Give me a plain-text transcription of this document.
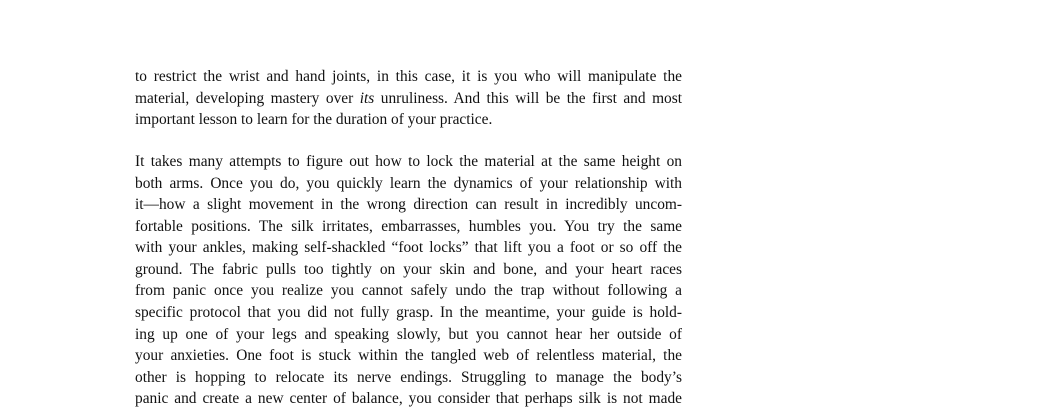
to restrict the wrist and hand joints, in this case, it is you who will manipulate the
material, developing mastery over its unruliness. And this will be the first and most
important lesson to learn for the duration of your practice.
It takes many attempts to figure out how to lock the material at the same height on
both arms. Once you do, you quickly learn the dynamics of your relationship with
it—how a slight movement in the wrong direction can result in incredibly uncom-
fortable positions. The silk irritates, embarrasses, humbles you. You try the same
with your ankles, making self-shackled “foot locks” that lift you a foot or so off the
ground. The fabric pulls too tightly on your skin and bone, and your heart races
from panic once you realize you cannot safely undo the trap without following a
specific protocol that you did not fully grasp. In the meantime, your guide is hold-
ing up one of your legs and speaking slowly, but you cannot hear her outside of
your anxieties. One foot is stuck within the tangled web of relentless material, the
other is hopping to relocate its nerve endings. Struggling to manage the body’s
panic and create a new center of balance, you consider that perhaps silk is not made
